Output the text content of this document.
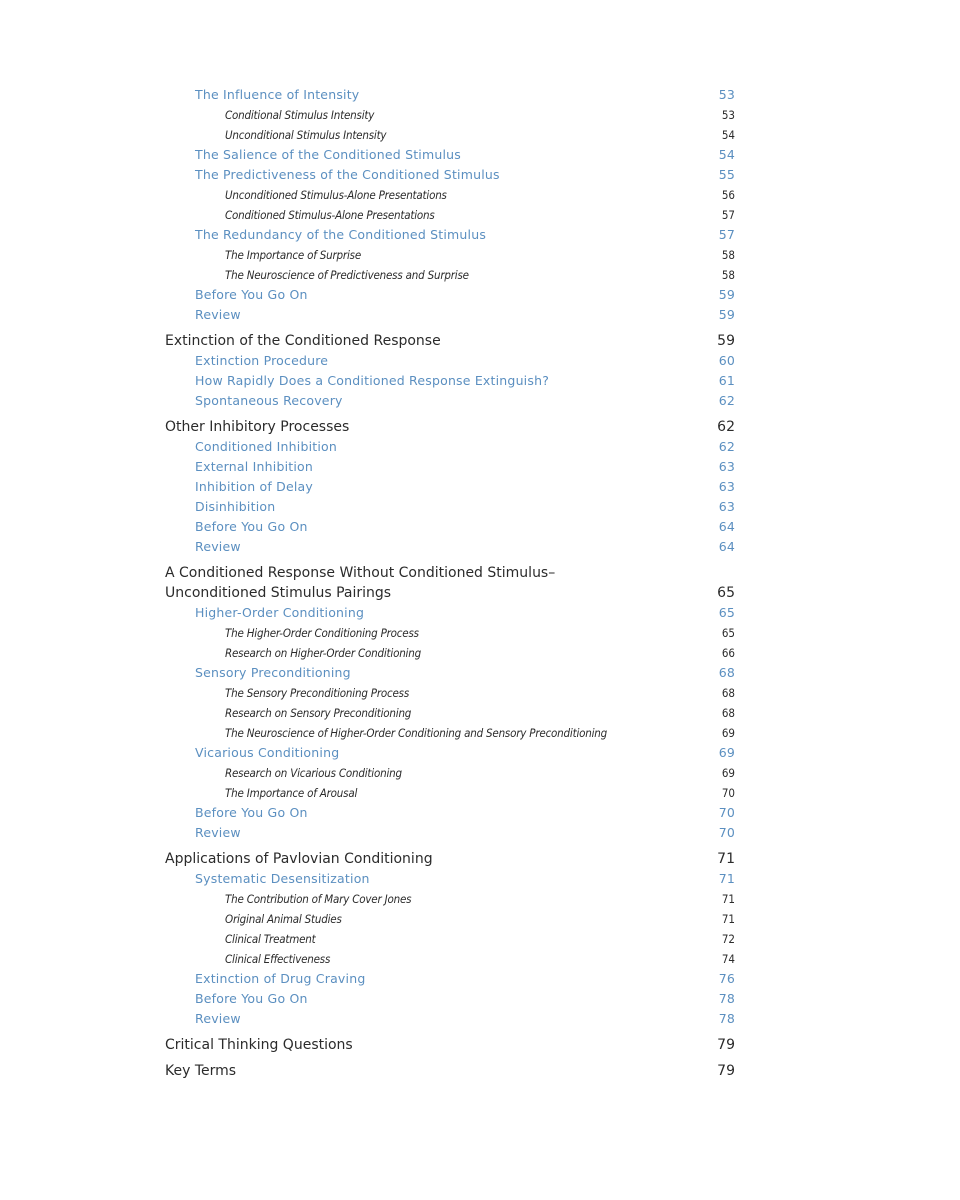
The Influence of Intensity	53
Conditional Stimulus Intensity	53
Unconditional Stimulus Intensity	54
The Salience of the Conditioned Stimulus	54
The Predictiveness of the Conditioned Stimulus	55
Unconditioned Stimulus-Alone Presentations	56
Conditioned Stimulus-Alone Presentations	57
The Redundancy of the Conditioned Stimulus	57
The Importance of Surprise	58
The Neuroscience of Predictiveness and Surprise	58
Before You Go On	59
Review	59
Extinction of the Conditioned Response	59
Extinction Procedure	60
How Rapidly Does a Conditioned Response Extinguish?	61
Spontaneous Recovery	62
Other Inhibitory Processes	62
Conditioned Inhibition	62
External Inhibition	63
Inhibition of Delay	63
Disinhibition	63
Before You Go On	64
Review	64
A Conditioned Response Without Conditioned Stimulus–Unconditioned Stimulus Pairings	65
Higher-Order Conditioning	65
The Higher-Order Conditioning Process	65
Research on Higher-Order Conditioning	66
Sensory Preconditioning	68
The Sensory Preconditioning Process	68
Research on Sensory Preconditioning	68
The Neuroscience of Higher-Order Conditioning and Sensory Preconditioning	69
Vicarious Conditioning	69
Research on Vicarious Conditioning	69
The Importance of Arousal	70
Before You Go On	70
Review	70
Applications of Pavlovian Conditioning	71
Systematic Desensitization	71
The Contribution of Mary Cover Jones	71
Original Animal Studies	71
Clinical Treatment	72
Clinical Effectiveness	74
Extinction of Drug Craving	76
Before You Go On	78
Review	78
Critical Thinking Questions	79
Key Terms	79
